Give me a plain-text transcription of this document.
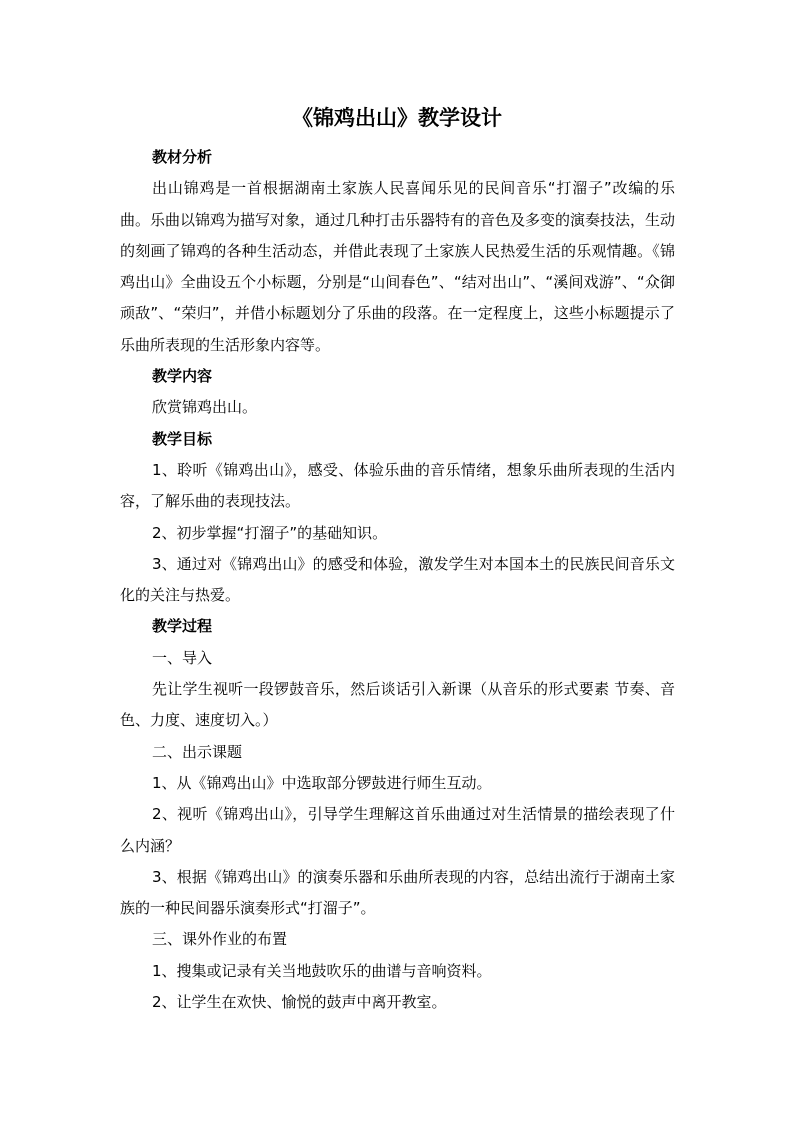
《锦鸡出山》教学设计

教材分析

出山锦鸡是一首根据湖南土家族人民喜闻乐见的民间音乐“打溜子”改编的乐曲。乐曲以锦鸡为描写对象，通过几种打击乐器特有的音色及多变的演奏技法，生动的刻画了锦鸡的各种生活动态，并借此表现了土家族人民热爱生活的乐观情趣。《锦鸡出山》全曲设五个小标题，分别是“山间春色”、“结对出山”、“溪间戏游”、“众御顽敌”、“荣归”，并借小标题划分了乐曲的段落。在一定程度上，这些小标题提示了乐曲所表现的生活形象内容等。

教学内容

欣赏锦鸡出山。

教学目标

1、聆听《锦鸡出山》，感受、体验乐曲的音乐情绪，想象乐曲所表现的生活内容，了解乐曲的表现技法。

2、初步掌握“打溜子”的基础知识。

3、通过对《锦鸡出山》的感受和体验，激发学生对本国本土的民族民间音乐文化的关注与热爱。

教学过程

一、导入

先让学生视听一段锣鼓音乐，然后谈话引入新课（从音乐的形式要素 节奏、音色、力度、速度切入。）

二、出示课题

1、从《锦鸡出山》中选取部分锣鼓进行师生互动。

2、视听《锦鸡出山》，引导学生理解这首乐曲通过对生活情景的描绘表现了什么内涵？

3、根据《锦鸡出山》的演奏乐器和乐曲所表现的内容，总结出流行于湖南土家族的一种民间器乐演奏形式“打溜子”。

三、课外作业的布置

1、搜集或记录有关当地鼓吹乐的曲谱与音响资料。

2、让学生在欢快、愉悦的鼓声中离开教室。
